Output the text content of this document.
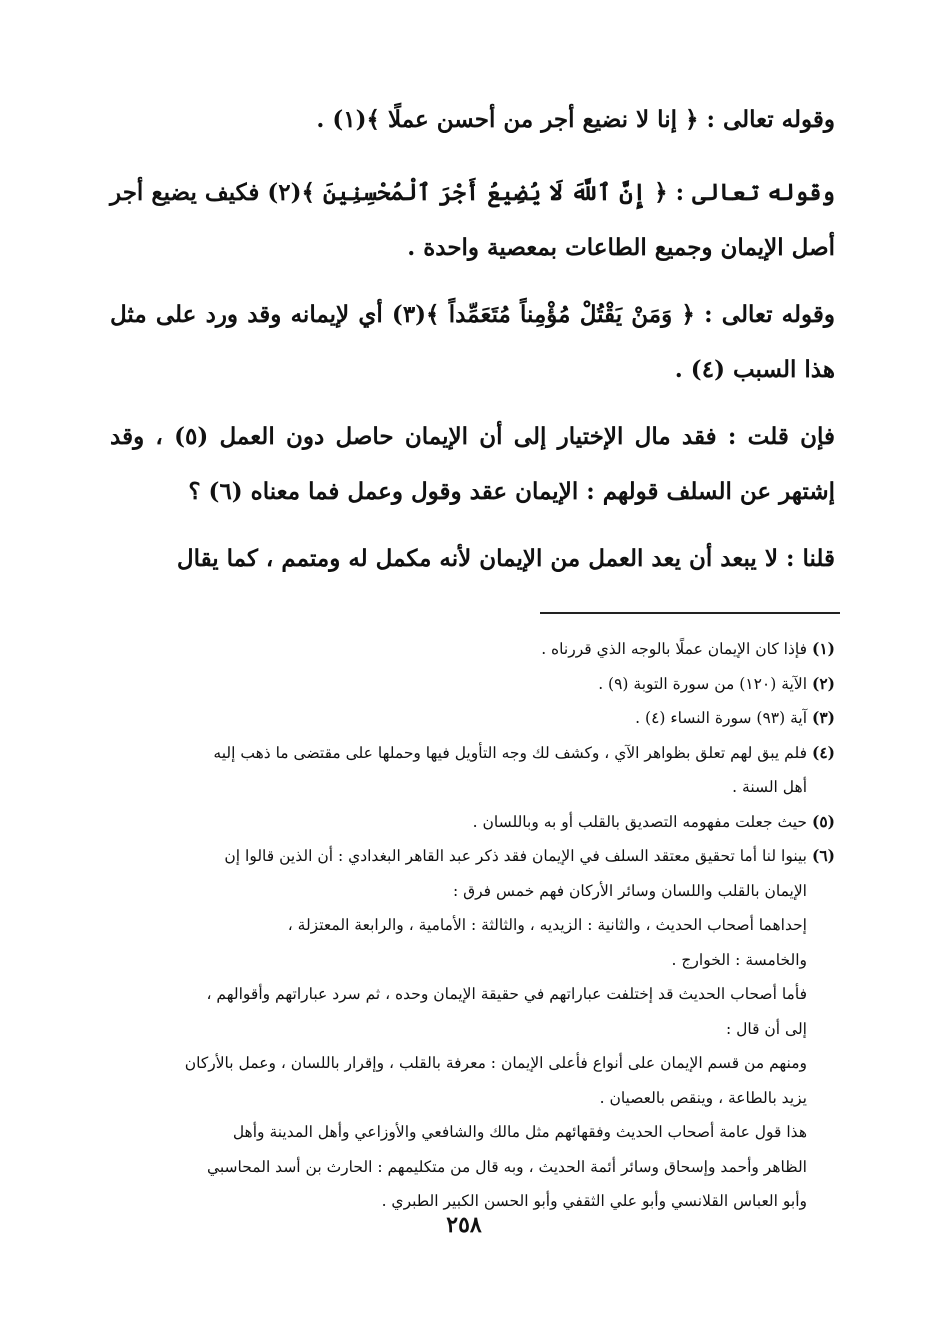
وقوله تعالى : ﴿ إنا لا نضيع أجر من أحسن عملًا ﴾(١) .

وقوله تعالى : ﴿ إِنَّ ٱللَّهَ لَا يُضِيعُ أَجْرَ ٱلْمُحْسِنِينَ ﴾(٢) فكيف يضيع أجر أصل الإيمان وجميع الطاعات بمعصية واحدة .

وقوله تعالى : ﴿ وَمَنْ يَقْتُلْ مُؤْمِناً مُتَعَمِّداً ﴾(٣) أي لإيمانه وقد ورد على مثل هذا السبب (٤) .

فإن قلت : فقد مال الإختيار إلى أن الإيمان حاصل دون العمل (٥) ، وقد إشتهر عن السلف قولهم : الإيمان عقد وقول وعمل فما معناه (٦) ؟

قلنا : لا يبعد أن يعد العمل من الإيمان لأنه مكمل له ومتمم ، كما يقال

(١)
فإذا كان الإيمان عملًا بالوجه الذي قررناه .
(٢)
الآية (١٢٠) من سورة التوبة (٩) .
(٣)
آية (٩٣) سورة النساء (٤) .
(٤)
فلم يبق لهم تعلق بظواهر الآي ، وكشف لك وجه التأويل فيها وحملها على مقتضى ما ذهب إليه
أهل السنة .
(٥)
حيث جعلت مفهومه التصديق بالقلب أو به وباللسان .
(٦)
بينوا لنا أما تحقيق معتقد السلف في الإيمان فقد ذكر عبد القاهر البغدادي : أن الذين قالوا إن
الإيمان بالقلب واللسان وسائر الأركان فهم خمس فرق :
إحداهما أصحاب الحديث ، والثانية : الزيديه ، والثالثة : الأمامية ، والرابعة المعتزلة ،
والخامسة : الخوارج .
فأما أصحاب الحديث قد إختلفت عباراتهم في حقيقة الإيمان وحده ، ثم سرد عباراتهم وأقوالهم ،
إلى أن قال :
ومنهم من قسم الإيمان على أنواع فأعلى الإيمان : معرفة بالقلب ، وإقرار باللسان ، وعمل بالأركان
يزيد بالطاعة ، وينقص بالعصيان .
هذا قول عامة أصحاب الحديث وفقهائهم مثل مالك والشافعي والأوزاعي وأهل المدينة وأهل
الظاهر وأحمد وإسحاق وسائر أئمة الحديث ، وبه قال من متكليمهم : الحارث بن أسد المحاسبي
وأبو العباس القلانسي وأبو علي الثقفي وأبو الحسن الكبير الطبري .
٢٥٨
